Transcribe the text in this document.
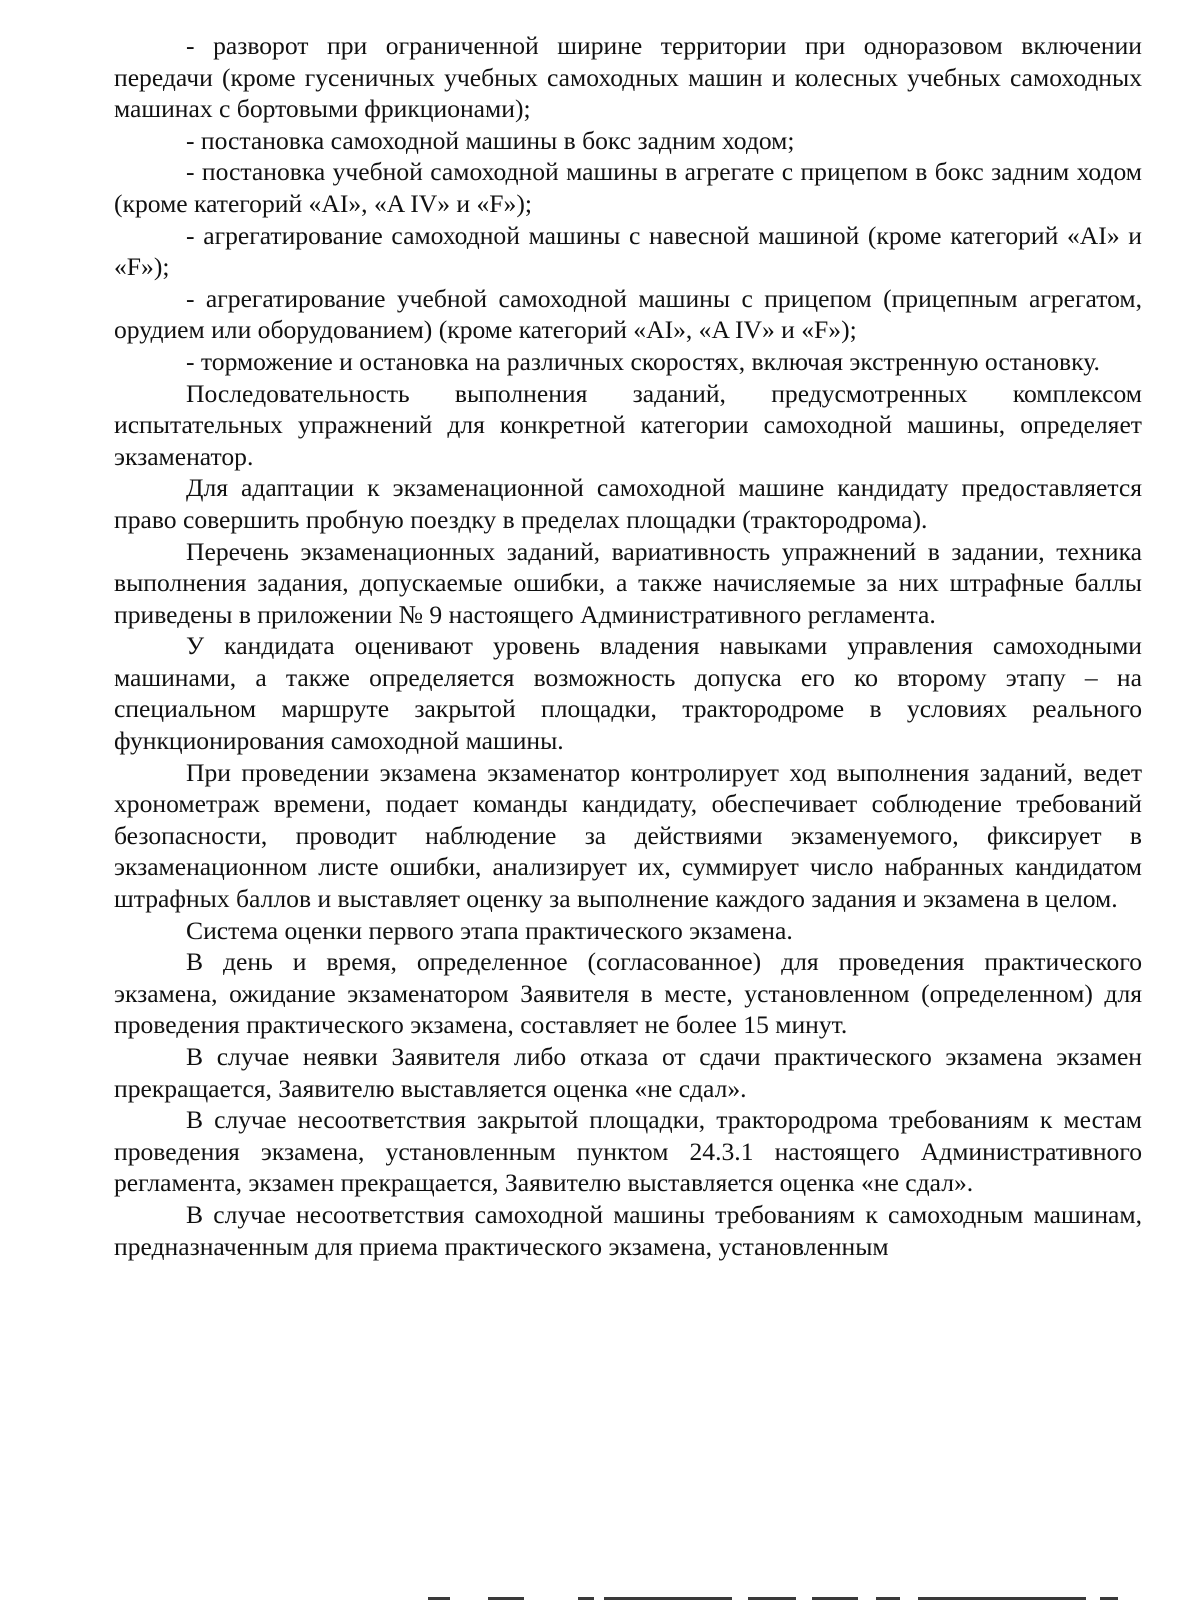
- разворот при ограниченной ширине территории при одноразовом включении передачи (кроме гусеничных учебных самоходных машин и колесных учебных самоходных машинах с бортовыми фрикционами);

- постановка самоходной машины в бокс задним ходом;

- постановка учебной самоходной машины в агрегате с прицепом в бокс задним ходом (кроме категорий «AI», «A IV» и «F»);

- агрегатирование самоходной машины с навесной машиной (кроме категорий «AI» и «F»);

- агрегатирование учебной самоходной машины с прицепом (прицепным агрегатом, орудием или оборудованием) (кроме категорий «AI», «A IV» и «F»);

- торможение и остановка на различных скоростях, включая экстренную остановку.

Последовательность выполнения заданий, предусмотренных комплексом испытательных упражнений для конкретной категории самоходной машины, определяет экзаменатор.

Для адаптации к экзаменационной самоходной машине кандидату предоставляется право совершить пробную поездку в пределах площадки (трактородрома).

Перечень экзаменационных заданий, вариативность упражнений в задании, техника выполнения задания, допускаемые ошибки, а также начисляемые за них штрафные баллы приведены в приложении № 9 настоящего Административного регламента.

У кандидата оценивают уровень владения навыками управления самоходными машинами, а также определяется возможность допуска его ко второму этапу – на специальном маршруте закрытой площадки, трактородроме в условиях реального функционирования самоходной машины.

При проведении экзамена экзаменатор контролирует ход выполнения заданий, ведет хронометраж времени, подает команды кандидату, обеспечивает соблюдение требований безопасности, проводит наблюдение за действиями экзаменуемого, фиксирует в экзаменационном листе ошибки, анализирует их, суммирует число набранных кандидатом штрафных баллов и выставляет оценку за выполнение каждого задания и экзамена в целом.

Система оценки первого этапа практического экзамена.

В день и время, определенное (согласованное) для проведения практического экзамена, ожидание экзаменатором Заявителя в месте, установленном (определенном) для проведения практического экзамена, составляет не более 15 минут.

В случае неявки Заявителя либо отказа от сдачи практического экзамена экзамен прекращается, Заявителю выставляется оценка «не сдал».

В случае несоответствия закрытой площадки, трактородрома требованиям к местам проведения экзамена, установленным пунктом 24.3.1 настоящего Административного регламента, экзамен прекращается, Заявителю выставляется оценка «не сдал».

В случае несоответствия самоходной машины требованиям к самоходным машинам, предназначенным для приема практического экзамена, установленным
